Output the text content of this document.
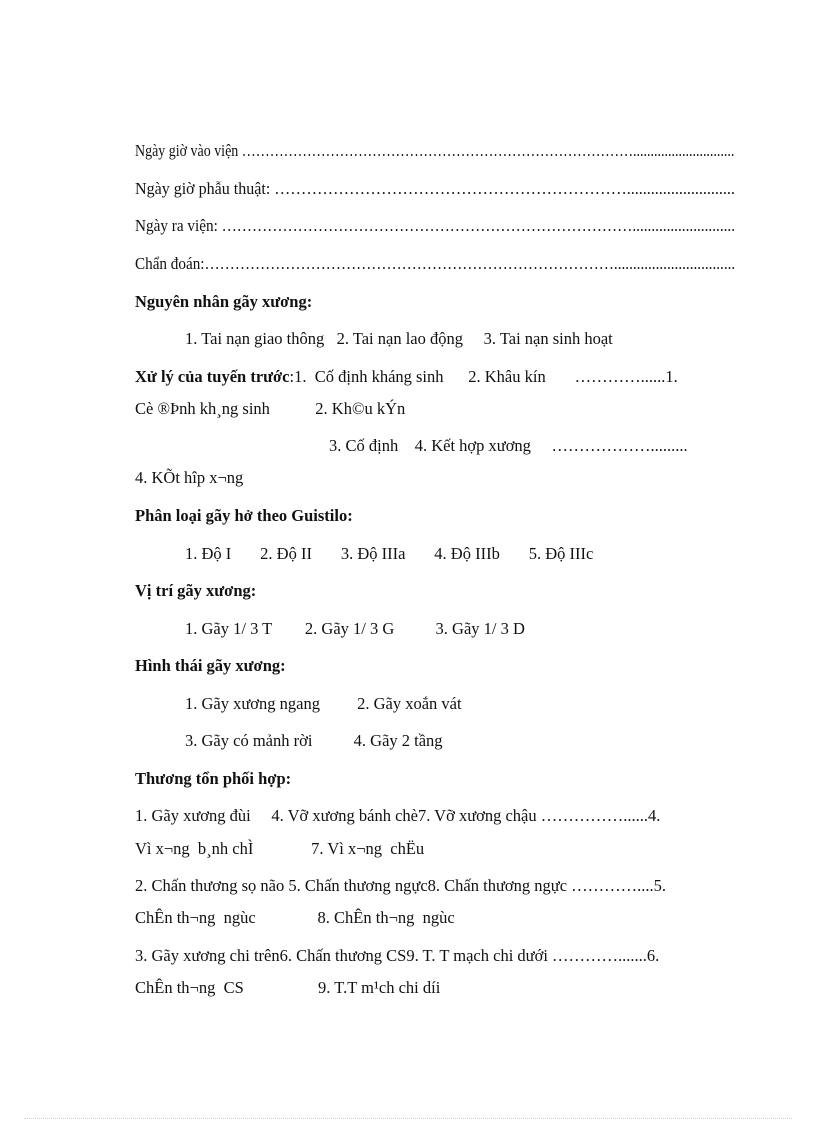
Ngày giờ vào viện ………………………………………………………………………….............................
Ngày giờ phẫu thuật: …………………………………………………………...........................
Ngày ra viện: ………………………………………………………………………...........................
Chẩn đoán:………………………………………………………………………................................
Nguyên nhân gãy xương:
1. Tai nạn giao thông   2. Tai nạn lao động     3. Tai nạn sinh hoạt
Xử lý của tuyến trước:1.  Cố định kháng sinh      2. Khâu kín       …………......1.
Cè ®Þnh kh¸ng sinh           2. Kh©u kÝn
3. Cố định    4. Kết hợp xương     ……………….........
4. KÕt hîp x¬ng
Phân loại gãy hở theo Guistilo:
1. Độ I       2. Độ II       3. Độ IIIa       4. Độ IIIb       5. Độ IIIc
Vị trí gãy xương:
1. Gãy 1/ 3 T        2. Gãy 1/ 3 G          3. Gãy 1/ 3 D
Hình thái gãy xương:
1. Gãy xương ngang         2. Gãy xoắn vát
3. Gãy có mảnh rời          4. Gãy 2 tầng
Thương tổn phối hợp:
1. Gãy xương đùi     4. Vỡ xương bánh chè7. Vỡ xương chậu ……………......4.
Vì x¬ng  b¸nh chÌ              7. Vì x¬ng  chËu
2. Chấn thương sọ não 5. Chấn thương ngực8. Chấn thương ngực …………....5.
ChÊn th¬ng  ngùc               8. ChÊn th¬ng  ngùc
3. Gãy xương chi trên6. Chấn thương CS9. T. T mạch chi dưới ………….......6.
ChÊn th¬ng  CS                  9. T.T m¹ch chi díi
